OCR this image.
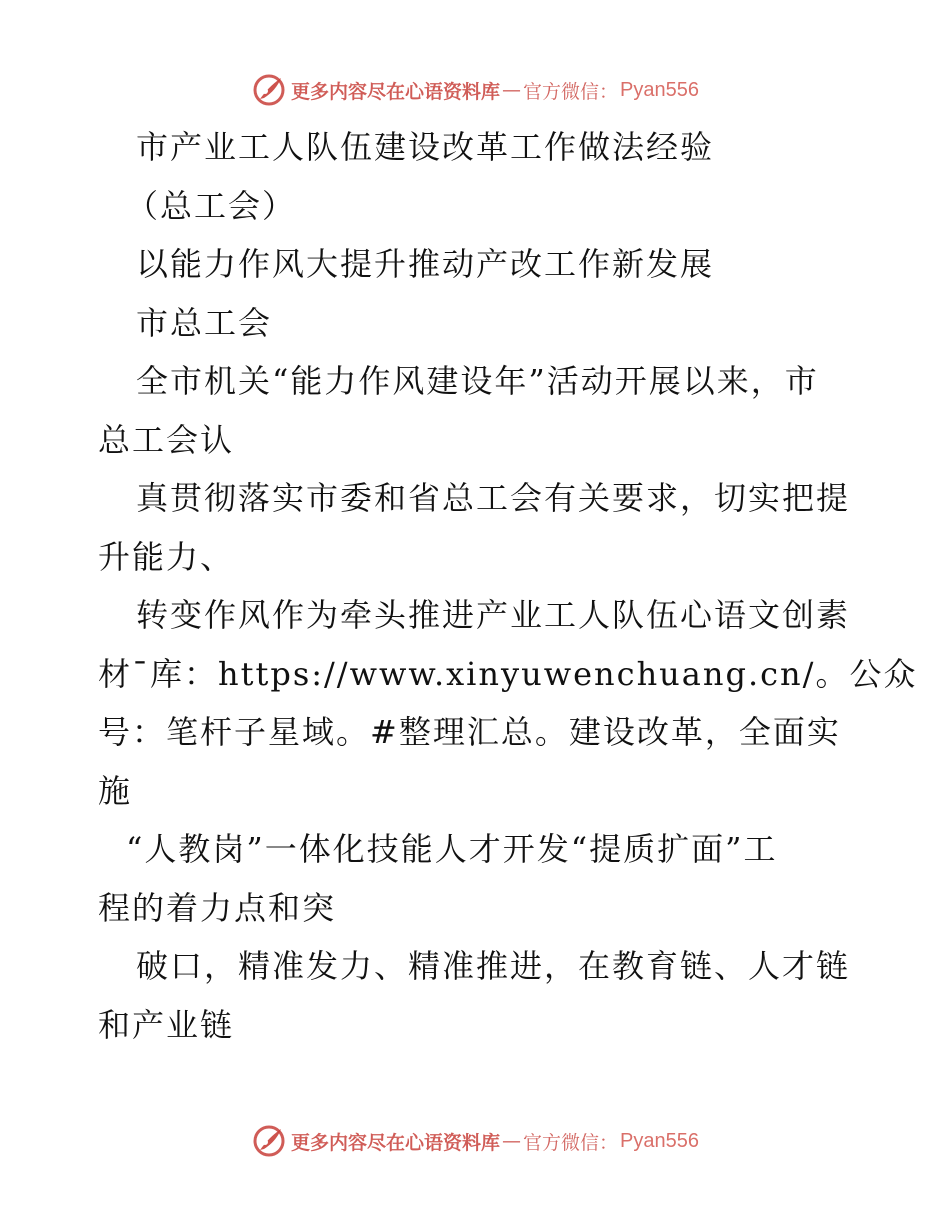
更多内容尽在心语资料库 — 官方微信： Pyan556
市产业工人队伍建设改革工作做法经验
（总工会）
以能力作风大提升推动产改工作新发展
市总工会
全市机关“能力作风建设年”活动开展以来，市
总工会认
真贯彻落实市委和省总工会有关要求，切实把提
升能力、
转变作风作为牵头推进产业工人队伍心语文创素
材¯库：https://www.xinyuwenchuang.cn/。公众
号：笔杆子星域。#整理汇总。建设改革，全面实
施
“人教岗”一体化技能人才开发“提质扩面”工
程的着力点和突
破口，精准发力、精准推进，在教育链、人才链
和产业链
更多内容尽在心语资料库 — 官方微信： Pyan556
